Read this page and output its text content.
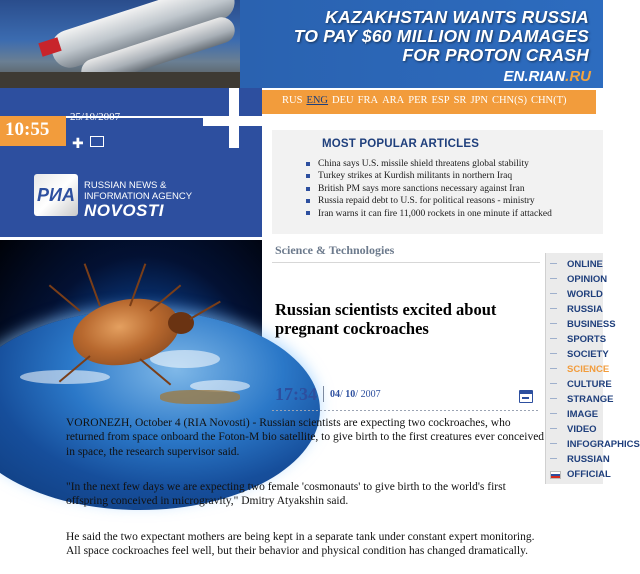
KAZAKHSTAN WANTS RUSSIA
TO PAY $60 MILLION IN DAMAGES
FOR PROTON CRASH
EN.RIAN.RU
RUS ENG DEU FRA ARA PER ESP SR JPN CHN(S) CHN(T)
10:55
25/10/2007
✚
РИА RUSSIAN NEWS &
INFORMATION AGENCY
NOVOSTI
MOST POPULAR ARTICLES
China says U.S. missile shield threatens global stability
Turkey strikes at Kurdish militants in northern Iraq
British PM says more sanctions necessary against Iran
Russia repaid debt to U.S. for political reasons - ministry
Iran warns it can fire 11,000 rockets in one minute if attacked
Science & Technologies
Russian scientists excited about pregnant cockroaches
17:34 04/ 10/ 2007
VORONEZH, October 4 (RIA Novosti) - Russian scientists are expecting two cockroaches, who returned from space onboard the Foton-M bio satellite, to give birth to the first creatures ever conceived in space, the research supervisor said.
"In the next few days we are expecting two female 'cosmonauts' to give birth to the world's first offspring conceived in microgravity," Dmitry Atyakshin said.
He said the two expectant mothers are being kept in a separate tank under constant expert monitoring. All space cockroaches feel well, but their behavior and physical condition has changed dramatically.
ONLINE
OPINION
WORLD
RUSSIA
BUSINESS
SPORTS
SOCIETY
SCIENCE
CULTURE
STRANGE
IMAGE
VIDEO
INFOGRAPHICS
RUSSIAN
OFFICIAL
